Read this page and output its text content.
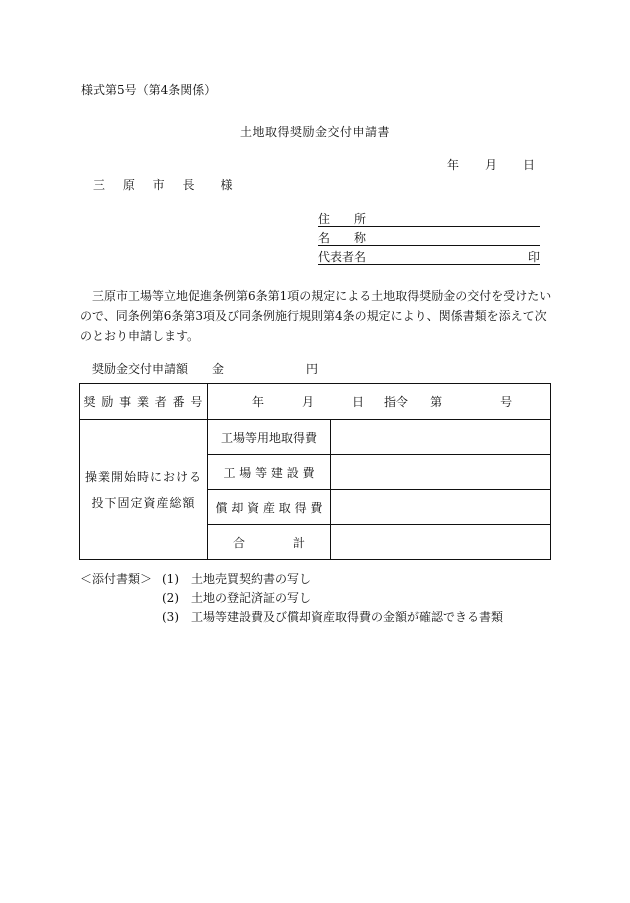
様式第5号（第4条関係）
土地取得奨励金交付申請書
年 月 日
三 原 市 長　様
住　　所
名　　称
代表者名	印
三原市工場等立地促進条例第6条第1項の規定による土地取得奨励金の交付を受けたいので、同条例第6条第3項及び同条例施行規則第4条の規定により、関係書類を添えて次のとおり申請します。
奨励金交付申請額 金	円
奨 励 事 業 者 番 号	年 月 日 指令 第 号	

操業開始時における
投下固定資産総額	工場等用地取得費	
	工 場 等 建 設 費	
	償 却 資 産 取 得 費	
	合　　　　計	
＜添付書類＞ (1) 土地売買契約書の写し
(2) 土地の登記済証の写し
(3) 工場等建設費及び償却資産取得費の金額が確認できる書類
